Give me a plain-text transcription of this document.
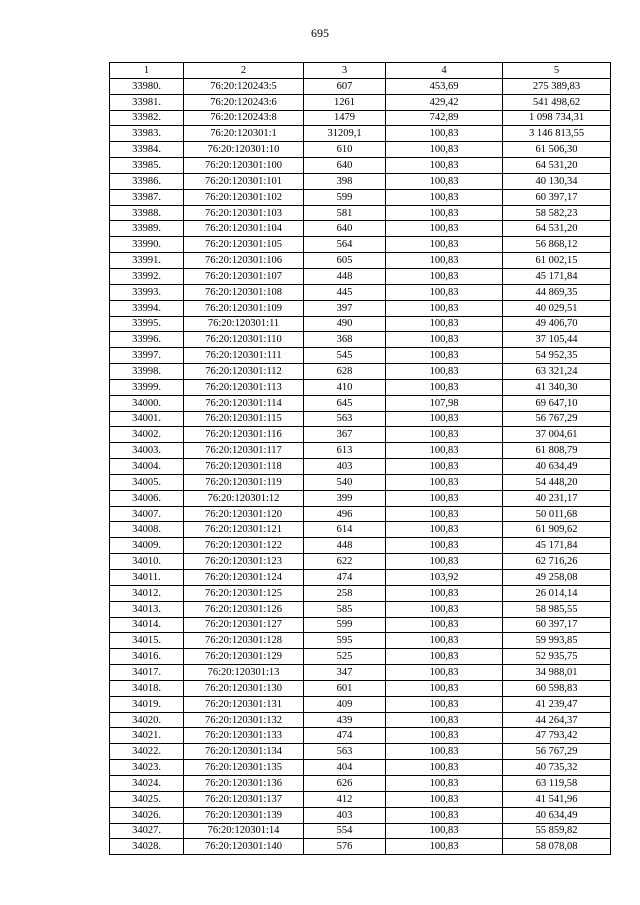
695
1	2	3	4	5
33980.	76:20:120243:5	607	453,69	275 389,83
33981.	76:20:120243:6	1261	429,42	541 498,62
33982.	76:20:120243:8	1479	742,89	1 098 734,31
33983.	76:20:120301:1	31209,1	100,83	3 146 813,55
33984.	76:20:120301:10	610	100,83	61 506,30
33985.	76:20:120301:100	640	100,83	64 531,20
33986.	76:20:120301:101	398	100,83	40 130,34
33987.	76:20:120301:102	599	100,83	60 397,17
33988.	76:20:120301:103	581	100,83	58 582,23
33989.	76:20:120301:104	640	100,83	64 531,20
33990.	76:20:120301:105	564	100,83	56 868,12
33991.	76:20:120301:106	605	100,83	61 002,15
33992.	76:20:120301:107	448	100,83	45 171,84
33993.	76:20:120301:108	445	100,83	44 869,35
33994.	76:20:120301:109	397	100,83	40 029,51
33995.	76:20:120301:11	490	100,83	49 406,70
33996.	76:20:120301:110	368	100,83	37 105,44
33997.	76:20:120301:111	545	100,83	54 952,35
33998.	76:20:120301:112	628	100,83	63 321,24
33999.	76:20:120301:113	410	100,83	41 340,30
34000.	76:20:120301:114	645	107,98	69 647,10
34001.	76:20:120301:115	563	100,83	56 767,29
34002.	76:20:120301:116	367	100,83	37 004,61
34003.	76:20:120301:117	613	100,83	61 808,79
34004.	76:20:120301:118	403	100,83	40 634,49
34005.	76:20:120301:119	540	100,83	54 448,20
34006.	76:20:120301:12	399	100,83	40 231,17
34007.	76:20:120301:120	496	100,83	50 011,68
34008.	76:20:120301:121	614	100,83	61 909,62
34009.	76:20:120301:122	448	100,83	45 171,84
34010.	76:20:120301:123	622	100,83	62 716,26
34011.	76:20:120301:124	474	103,92	49 258,08
34012.	76:20:120301:125	258	100,83	26 014,14
34013.	76:20:120301:126	585	100,83	58 985,55
34014.	76:20:120301:127	599	100,83	60 397,17
34015.	76:20:120301:128	595	100,83	59 993,85
34016.	76:20:120301:129	525	100,83	52 935,75
34017.	76:20:120301:13	347	100,83	34 988,01
34018.	76:20:120301:130	601	100,83	60 598,83
34019.	76:20:120301:131	409	100,83	41 239,47
34020.	76:20:120301:132	439	100,83	44 264,37
34021.	76:20:120301:133	474	100,83	47 793,42
34022.	76:20:120301:134	563	100,83	56 767,29
34023.	76:20:120301:135	404	100,83	40 735,32
34024.	76:20:120301:136	626	100,83	63 119,58
34025.	76:20:120301:137	412	100,83	41 541,96
34026.	76:20:120301:139	403	100,83	40 634,49
34027.	76:20:120301:14	554	100,83	55 859,82
34028.	76:20:120301:140	576	100,83	58 078,08
